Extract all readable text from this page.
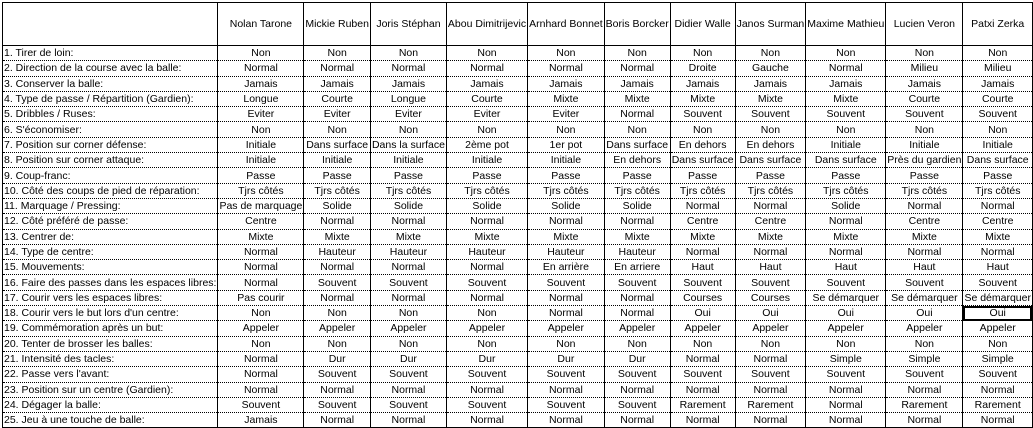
	Nolan Tarone	Mickie Ruben	Joris Stéphan	Abou Dimitrijevic	Arnhard Bonnet	Boris Borcker	Didier Walle	Janos Surman	Maxime Mathieu	Lucien Veron	Patxi Zerka
1. Tirer de loin:	Non	Non	Non	Non	Non	Non	Non	Non	Non	Non	Non
2. Direction de la course avec la balle:	Normal	Normal	Normal	Normal	Normal	Normal	Droite	Gauche	Normal	Milieu	Milieu
3. Conserver la balle:	Jamais	Jamais	Jamais	Jamais	Jamais	Jamais	Jamais	Jamais	Jamais	Jamais	Jamais
4. Type de passe / Répartition (Gardien):	Longue	Courte	Longue	Courte	Mixte	Mixte	Mixte	Mixte	Mixte	Courte	Courte
5. Dribbles / Ruses:	Eviter	Eviter	Eviter	Eviter	Eviter	Normal	Souvent	Souvent	Souvent	Souvent	Souvent
6. S'économiser:	Non	Non	Non	Non	Non	Non	Non	Non	Non	Non	Non
7. Position sur corner défense:	Initiale	Dans surface	Dans la surface	2ème pot	1er pot	Dans surface	En dehors	En dehors	Initiale	Initiale	Initiale
8. Position sur corner attaque:	Initiale	Initiale	Initiale	Initiale	Initiale	En dehors	Dans surface	Dans surface	Dans surface	Près du gardien	Dans surface
9. Coup-franc:	Passe	Passe	Passe	Passe	Passe	Passe	Passe	Passe	Passe	Passe	Passe
10. Côté des coups de pied de réparation:	Tjrs côtés	Tjrs côtés	Tjrs côtés	Tjrs côtés	Tjrs côtés	Tjrs côtés	Tjrs côtés	Tjrs côtés	Tjrs côtés	Tjrs côtés	Tjrs côtés
11. Marquage / Pressing:	Pas de marquage	Solide	Solide	Solide	Solide	Solide	Normal	Normal	Solide	Normal	Normal
12. Côté préféré de passe:	Centre	Normal	Normal	Normal	Normal	Normal	Centre	Centre	Normal	Centre	Centre
13. Centrer de:	Mixte	Mixte	Mixte	Mixte	Mixte	Mixte	Mixte	Mixte	Mixte	Mixte	Mixte
14. Type de centre:	Normal	Hauteur	Hauteur	Hauteur	Hauteur	Hauteur	Normal	Normal	Normal	Normal	Normal
15. Mouvements:	Normal	Normal	Normal	Normal	En arrière	En arriere	Haut	Haut	Haut	Haut	Haut
16. Faire des passes dans les espaces libres:	Normal	Souvent	Souvent	Souvent	Souvent	Souvent	Souvent	Souvent	Souvent	Souvent	Souvent
17. Courir vers les espaces libres:	Pas courir	Normal	Normal	Normal	Normal	Normal	Courses	Courses	Se démarquer	Se démarquer	Se démarquer
18. Courir vers le but lors d'un centre:	Non	Non	Non	Non	Normal	Normal	Oui	Oui	Oui	Oui	Oui
19. Commémoration après un but:	Appeler	Appeler	Appeler	Appeler	Appeler	Appeler	Appeler	Appeler	Appeler	Appeler	Appeler
20. Tenter de brosser les balles:	Non	Non	Non	Non	Non	Non	Non	Non	Non	Non	Non
21. Intensité des tacles:	Normal	Dur	Dur	Dur	Dur	Dur	Normal	Normal	Simple	Simple	Simple
22. Passe vers l'avant:	Normal	Souvent	Souvent	Souvent	Souvent	Souvent	Souvent	Souvent	Souvent	Souvent	Souvent
23. Position sur un centre (Gardien):	Normal	Normal	Normal	Normal	Normal	Normal	Normal	Normal	Normal	Normal	Normal
24. Dégager la balle:	Souvent	Souvent	Souvent	Souvent	Souvent	Souvent	Rarement	Rarement	Normal	Rarement	Rarement
25. Jeu à une touche de balle:	Jamais	Normal	Normal	Normal	Normal	Normal	Normal	Normal	Normal	Normal	Normal
